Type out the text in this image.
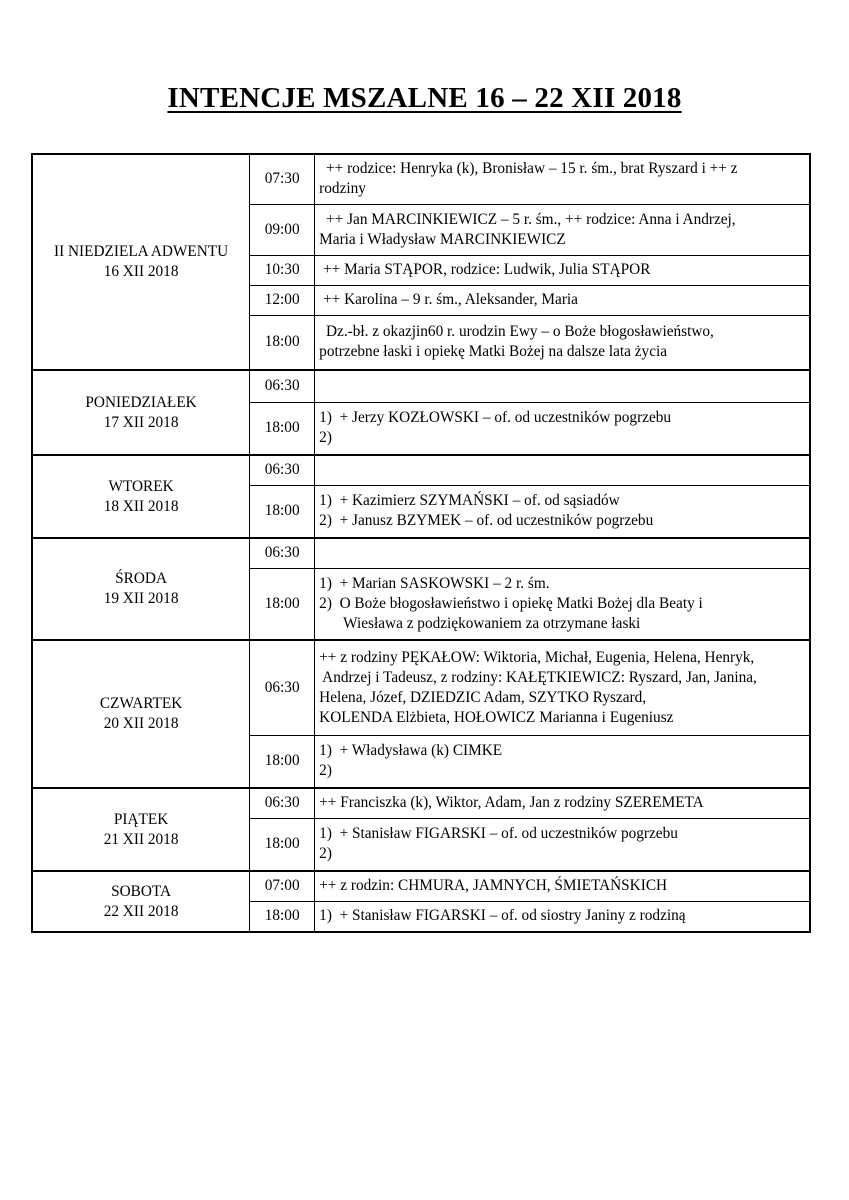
INTENCJE MSZALNE 16 – 22 XII 2018
II NIEDZIELA ADWENTU
16 XII 2018	07:30	++ rodzice: Henryka (k), Bronisław – 15 r. śm., brat Ryszard i ++ z
rodziny

	09:00	++ Jan MARCINKIEWICZ – 5 r. śm., ++ rodzice: Anna i Andrzej,
Maria i Władysław MARCINKIEWICZ

	10:30	++ Maria STĄPOR, rodzice: Ludwik, Julia STĄPOR

	12:00	++ Karolina – 9 r. śm., Aleksander, Maria

	18:00	Dz.-bł. z okazjin60 r. urodzin Ewy – o Boże błogosławieństwo,
potrzebne łaski i opiekę Matki Bożej na dalsze lata życia

PONIEDZIAŁEK
17 XII 2018	06:30	

	18:00	1)  + Jerzy KOZŁOWSKI – of. od uczestników pogrzebu
2)

WTOREK
18 XII 2018	06:30	

	18:00	1)  + Kazimierz SZYMAŃSKI – of. od sąsiadów
2)  + Janusz BZYMEK – of. od uczestników pogrzebu

ŚRODA
19 XII 2018	06:30	

	18:00	1)  + Marian SASKOWSKI – 2 r. śm.
2)  O Boże błogosławieństwo i opiekę Matki Bożej dla Beaty i
Wiesława z podziękowaniem za otrzymane łaski

CZWARTEK
20 XII 2018	06:30	++ z rodziny PĘKAŁOW: Wiktoria, Michał, Eugenia, Helena, Henryk,
Andrzej i Tadeusz, z rodziny: KAŁĘTKIEWICZ: Ryszard, Jan, Janina,
Helena, Józef, DZIEDZIC Adam, SZYTKO Ryszard,
KOLENDA Elżbieta, HOŁOWICZ Marianna i Eugeniusz

	18:00	1)  + Władysława (k) CIMKE
2)

PIĄTEK
21 XII 2018	06:30	++ Franciszka (k), Wiktor, Adam, Jan z rodziny SZEREMETA

	18:00	1)  + Stanisław FIGARSKI – of. od uczestników pogrzebu
2)

SOBOTA
22 XII 2018	07:00	++ z rodzin: CHMURA, JAMNYCH, ŚMIETAŃSKICH

	18:00	1)  + Stanisław FIGARSKI – of. od siostry Janiny z rodziną
